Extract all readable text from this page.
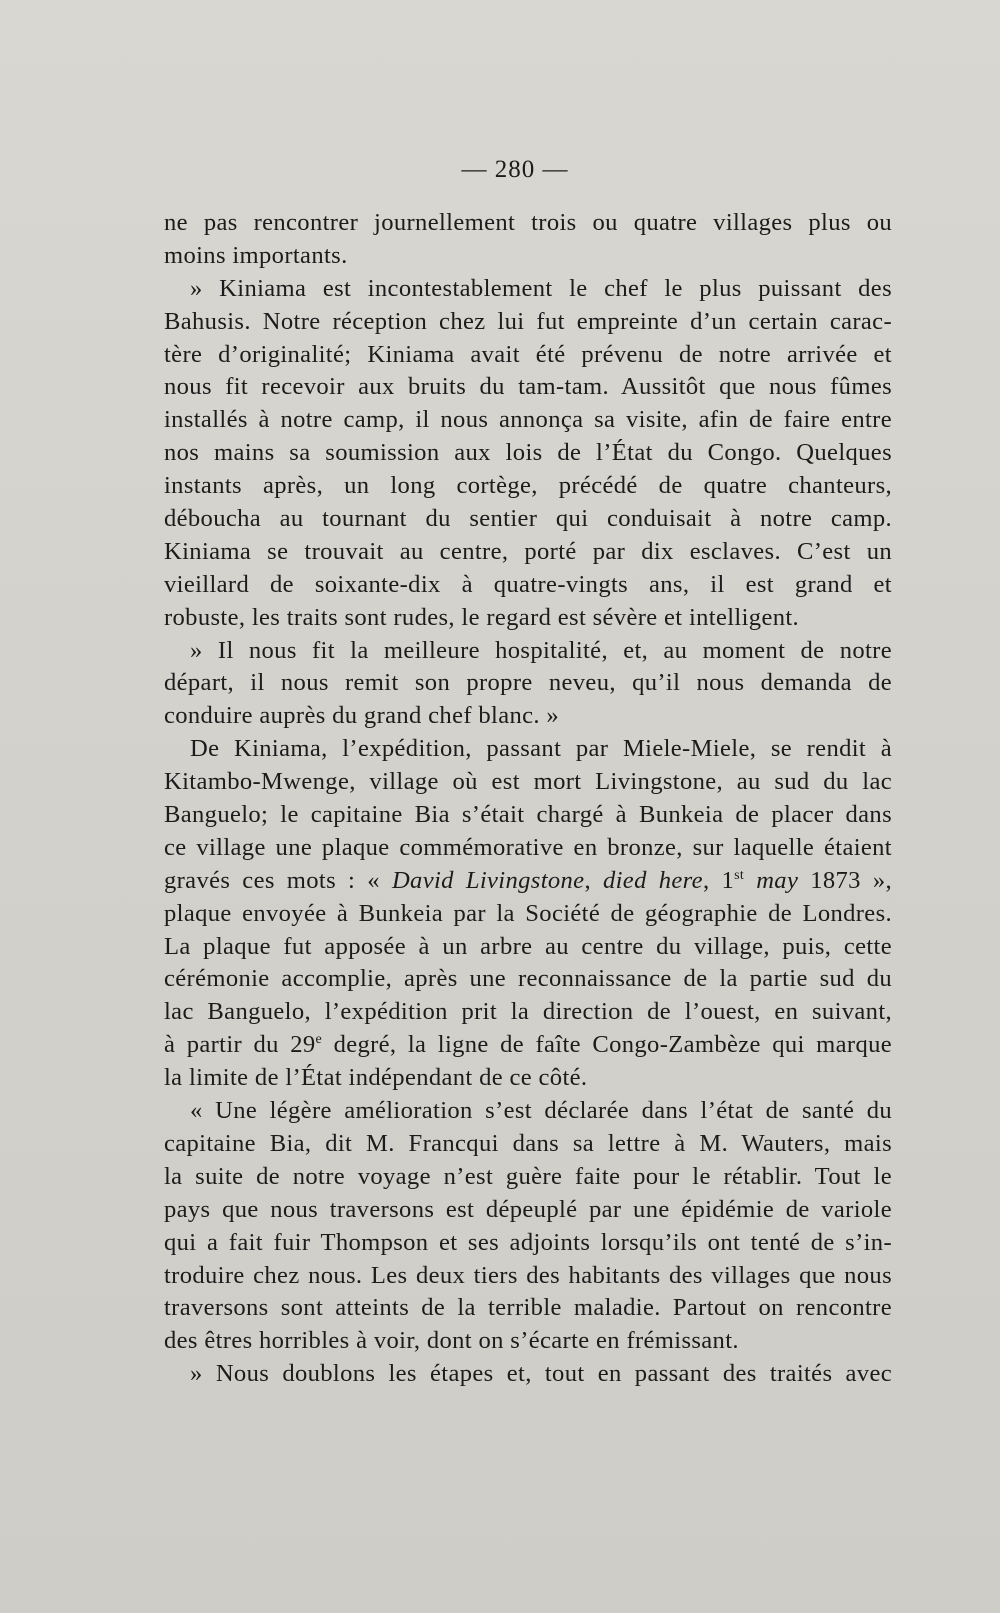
— 280 —
ne pas rencontrer journellement trois ou quatre villages plus ou
moins importants.
» Kiniama est incontestablement le chef le plus puissant des
Bahusis. Notre réception chez lui fut empreinte d’un certain carac-
tère d’originalité; Kiniama avait été prévenu de notre arrivée et
nous fit recevoir aux bruits du tam-tam. Aussitôt que nous fûmes
installés à notre camp, il nous annonça sa visite, afin de faire entre
nos mains sa soumission aux lois de l’État du Congo. Quelques
instants après, un long cortège, précédé de quatre chanteurs,
déboucha au tournant du sentier qui conduisait à notre camp.
Kiniama se trouvait au centre, porté par dix esclaves. C’est un
vieillard de soixante-dix à quatre-vingts ans, il est grand et
robuste, les traits sont rudes, le regard est sévère et intelligent.
» Il nous fit la meilleure hospitalité, et, au moment de notre
départ, il nous remit son propre neveu, qu’il nous demanda de
conduire auprès du grand chef blanc. »
De Kiniama, l’expédition, passant par Miele-Miele, se rendit à
Kitambo-Mwenge, village où est mort Livingstone, au sud du lac
Banguelo; le capitaine Bia s’était chargé à Bunkeia de placer dans
ce village une plaque commémorative en bronze, sur laquelle étaient
gravés ces mots : « David Livingstone, died here, 1st may 1873 »,
plaque envoyée à Bunkeia par la Société de géographie de Londres.
La plaque fut apposée à un arbre au centre du village, puis, cette
cérémonie accomplie, après une reconnaissance de la partie sud du
lac Banguelo, l’expédition prit la direction de l’ouest, en suivant,
à partir du 29e degré, la ligne de faîte Congo-Zambèze qui marque
la limite de l’État indépendant de ce côté.
« Une légère amélioration s’est déclarée dans l’état de santé du
capitaine Bia, dit M. Francqui dans sa lettre à M. Wauters, mais
la suite de notre voyage n’est guère faite pour le rétablir. Tout le
pays que nous traversons est dépeuplé par une épidémie de variole
qui a fait fuir Thompson et ses adjoints lorsqu’ils ont tenté de s’in-
troduire chez nous. Les deux tiers des habitants des villages que nous
traversons sont atteints de la terrible maladie. Partout on rencontre
des êtres horribles à voir, dont on s’écarte en frémissant.
» Nous doublons les étapes et, tout en passant des traités avec
